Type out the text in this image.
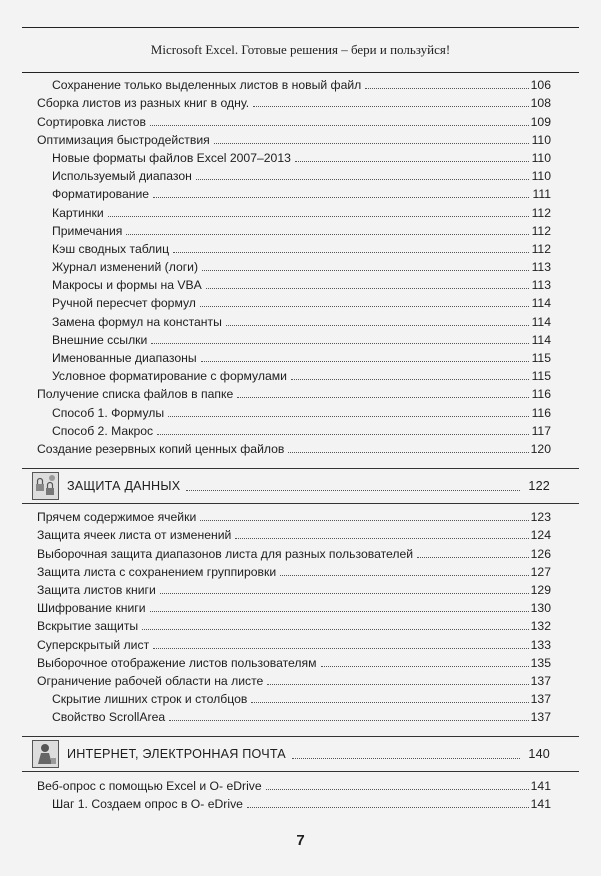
Microsoft Excel. Готовые решения – бери и пользуйся!
Сохранение только выделенных листов в новый файл	106
Сборка листов из разных книг в одну.	108
Сортировка листов	109
Оптимизация быстродействия	110
Новые форматы файлов Excel 2007–2013	110
Используемый диапазон	110
Форматирование	111
Картинки	112
Примечания	112
Кэш сводных таблиц	112
Журнал изменений (логи)	113
Макросы и формы на VBA	113
Ручной пересчет формул	114
Замена формул на константы	114
Внешние ссылки	114
Именованные диапазоны	115
Условное форматирование с формулами	115
Получение списка файлов в папке	116
Способ 1. Формулы	116
Способ 2. Макрос	117
Создание резервных копий ценных файлов	120
ЗАЩИТА ДАННЫХ	122
Прячем содержимое ячейки	123
Защита ячеек листа от изменений	124
Выборочная защита диапазонов листа для разных пользователей	126
Защита листа с сохранением группировки	127
Защита листов книги	129
Шифрование книги	130
Вскрытие защиты	132
Суперскрытый лист	133
Выборочное отображение листов пользователям	135
Ограничение рабочей области на листе	137
Скрытие лишних строк и столбцов	137
Свойство ScrollArea	137
ИНТЕРНЕТ, ЭЛЕКТРОННАЯ ПОЧТА	140
Веб-опрос с помощью Excel и O- eDrive	141
Шаг 1. Создаем опрос в O- eDrive	141
7
